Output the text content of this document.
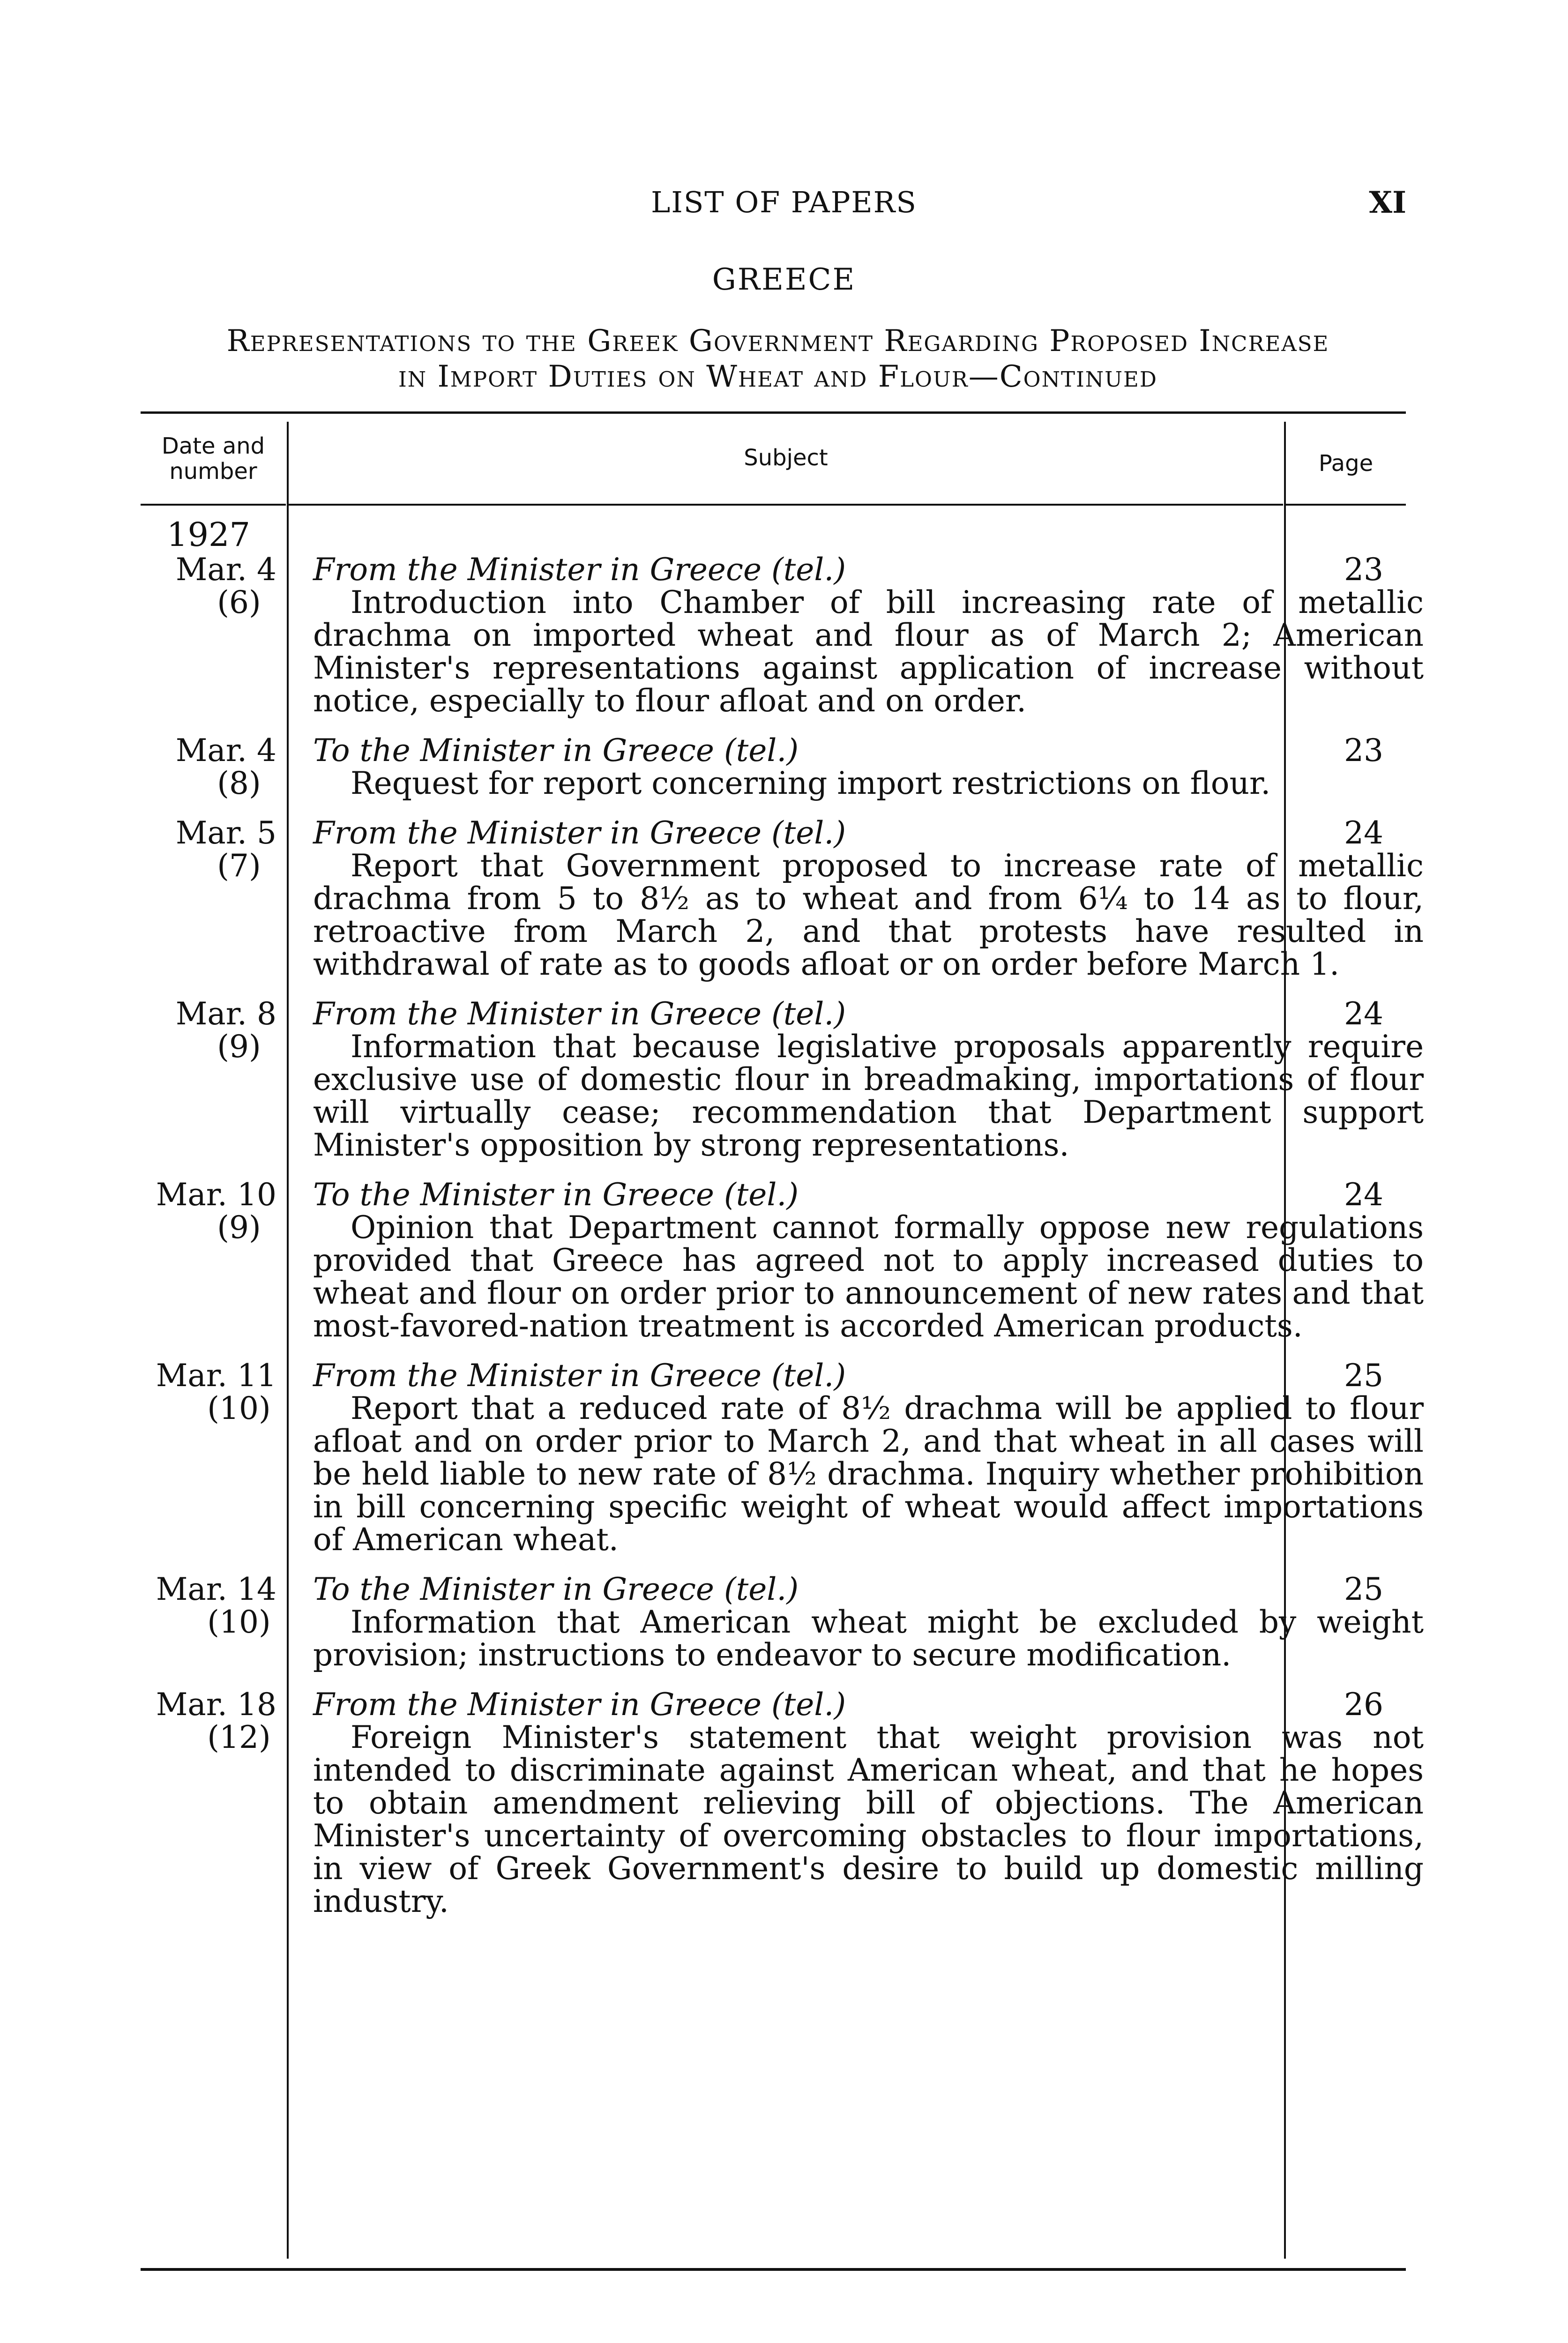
LIST OF PAPERS	XI
GREECE
Representations to the Greek Government Regarding Proposed Increase
in Import Duties on Wheat and Flour—Continued
Date and
number
Subject	Page
1927
Mar. 4
(6)
From the Minister in Greece (tel.)
Introduction into Chamber of bill increasing rate of metallic drachma on imported wheat and flour as of March 2; American Minister's representations against application of increase without notice, especially to flour afloat and on order.
23
Mar. 4
(8)
To the Minister in Greece (tel.)
Request for report concerning import restrictions on flour.
23
Mar. 5
(7)
From the Minister in Greece (tel.)
Report that Government proposed to increase rate of metallic drachma from 5 to 8½ as to wheat and from 6¼ to 14 as to flour, retroactive from March 2, and that protests have resulted in withdrawal of rate as to goods afloat or on order before March 1.
24
Mar. 8
(9)
From the Minister in Greece (tel.)
Information that because legislative proposals apparently require exclusive use of domestic flour in breadmaking, importations of flour will virtually cease; recommendation that Department support Minister's opposition by strong representations.
24
Mar. 10
(9)
To the Minister in Greece (tel.)
Opinion that Department cannot formally oppose new regulations provided that Greece has agreed not to apply increased duties to wheat and flour on order prior to announcement of new rates and that most-favored-nation treatment is accorded American products.
24
Mar. 11
(10)
From the Minister in Greece (tel.)
Report that a reduced rate of 8½ drachma will be applied to flour afloat and on order prior to March 2, and that wheat in all cases will be held liable to new rate of 8½ drachma. Inquiry whether prohibition in bill concerning specific weight of wheat would affect importations of American wheat.
25
Mar. 14
(10)
To the Minister in Greece (tel.)
Information that American wheat might be excluded by weight provision; instructions to endeavor to secure modification.
25
Mar. 18
(12)
From the Minister in Greece (tel.)
Foreign Minister's statement that weight provision was not intended to discriminate against American wheat, and that he hopes to obtain amendment relieving bill of objections. The American Minister's uncertainty of overcoming obstacles to flour importations, in view of Greek Government's desire to build up domestic milling industry.
26
